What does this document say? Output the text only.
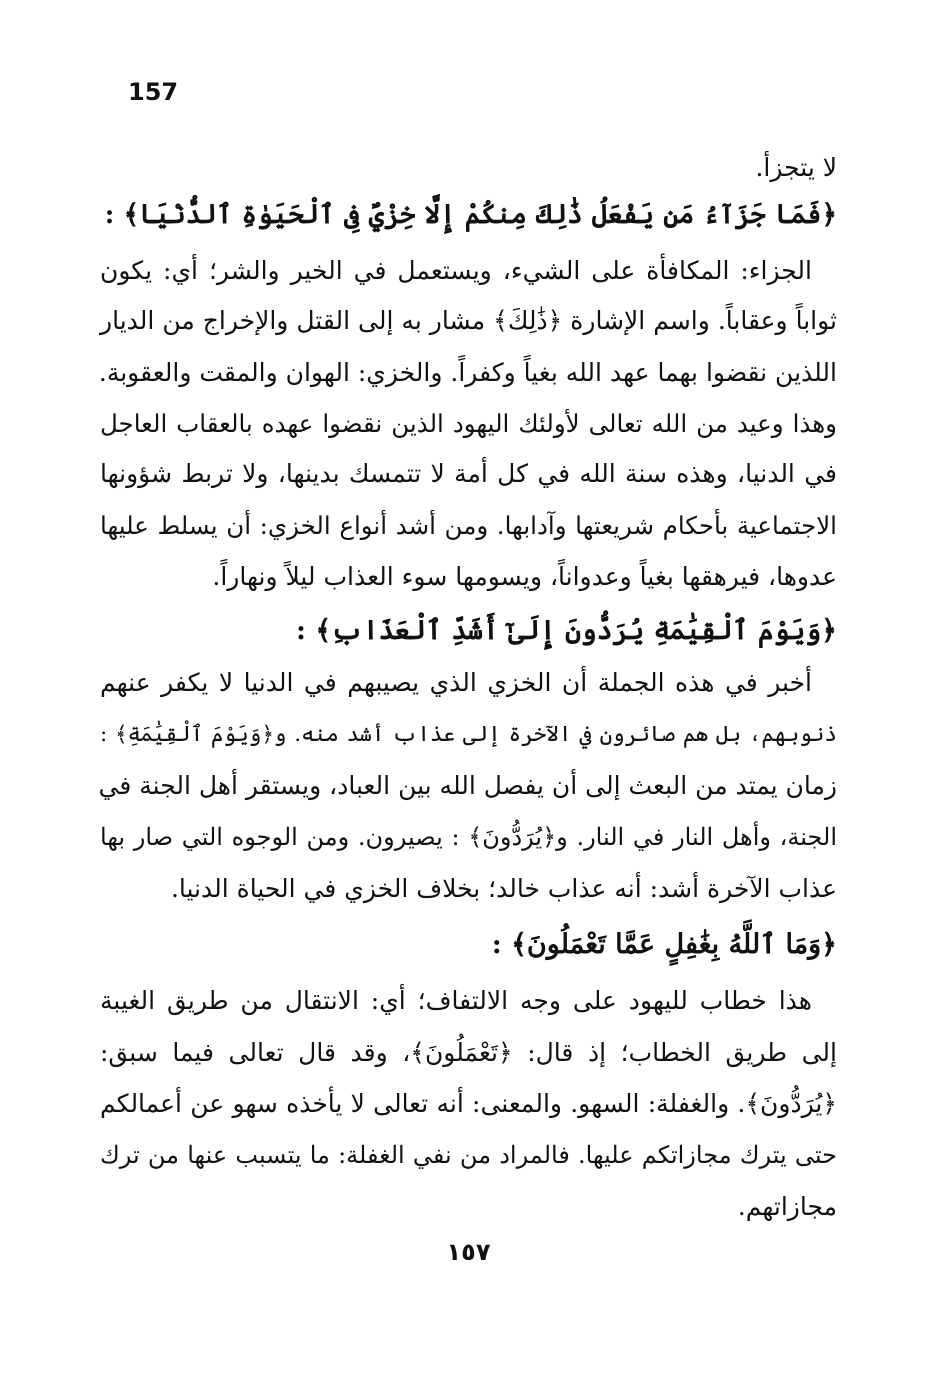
157
لا يتجزأ.
﴿فَمَا جَزَآءُ مَن يَفْعَلُ ذَٰلِكَ مِنكُمْ إِلَّا خِزْيٌ فِى ٱلْحَيَوٰةِ ٱلدُّنْيَا﴾ :
الجزاء: المكافأة على الشيء، ويستعمل في الخير والشر؛ أي: يكون
ثواباً وعقاباً. واسم الإشارة ﴿ذَٰلِكَ﴾ مشار به إلى القتل والإخراج من الديار
اللذين نقضوا بهما عهد الله بغياً وكفراً. والخزي: الهوان والمقت والعقوبة.
وهذا وعيد من الله تعالى لأولئك اليهود الذين نقضوا عهده بالعقاب العاجل
في الدنيا، وهذه سنة الله في كل أمة لا تتمسك بدينها، ولا تربط شؤونها
الاجتماعية بأحكام شريعتها وآدابها. ومن أشد أنواع الخزي: أن يسلط عليها
عدوها، فيرهقها بغياً وعدواناً، ويسومها سوء العذاب ليلاً ونهاراً.
﴿وَيَوْمَ ٱلْقِيَٰمَةِ يُرَدُّونَ إِلَىٰٓ أَشَدِّ ٱلْعَذَابِ﴾ :
أخبر في هذه الجملة أن الخزي الذي يصيبهم في الدنيا لا يكفر عنهم
ذنوبهم، بل هم صائرون في الآخرة إلى عذاب أشد منه. و﴿وَيَوْمَ ٱلْقِيَٰمَةِ﴾ :
زمان يمتد من البعث إلى أن يفصل الله بين العباد، ويستقر أهل الجنة في
الجنة، وأهل النار في النار. و﴿يُرَدُّونَ﴾ : يصيرون. ومن الوجوه التي صار بها
عذاب الآخرة أشد: أنه عذاب خالد؛ بخلاف الخزي في الحياة الدنيا.
﴿وَمَا ٱللَّهُ بِغَٰفِلٍ عَمَّا تَعْمَلُونَ﴾ :
هذا خطاب لليهود على وجه الالتفاف؛ أي: الانتقال من طريق الغيبة
إلى طريق الخطاب؛ إذ قال: ﴿تَعْمَلُونَ﴾، وقد قال تعالى فيما سبق:
﴿يُرَدُّونَ﴾. والغفلة: السهو. والمعنى: أنه تعالى لا يأخذه سهو عن أعمالكم
حتى يترك مجازاتكم عليها. فالمراد من نفي الغفلة: ما يتسبب عنها من ترك
مجازاتهم.
١٥٧
